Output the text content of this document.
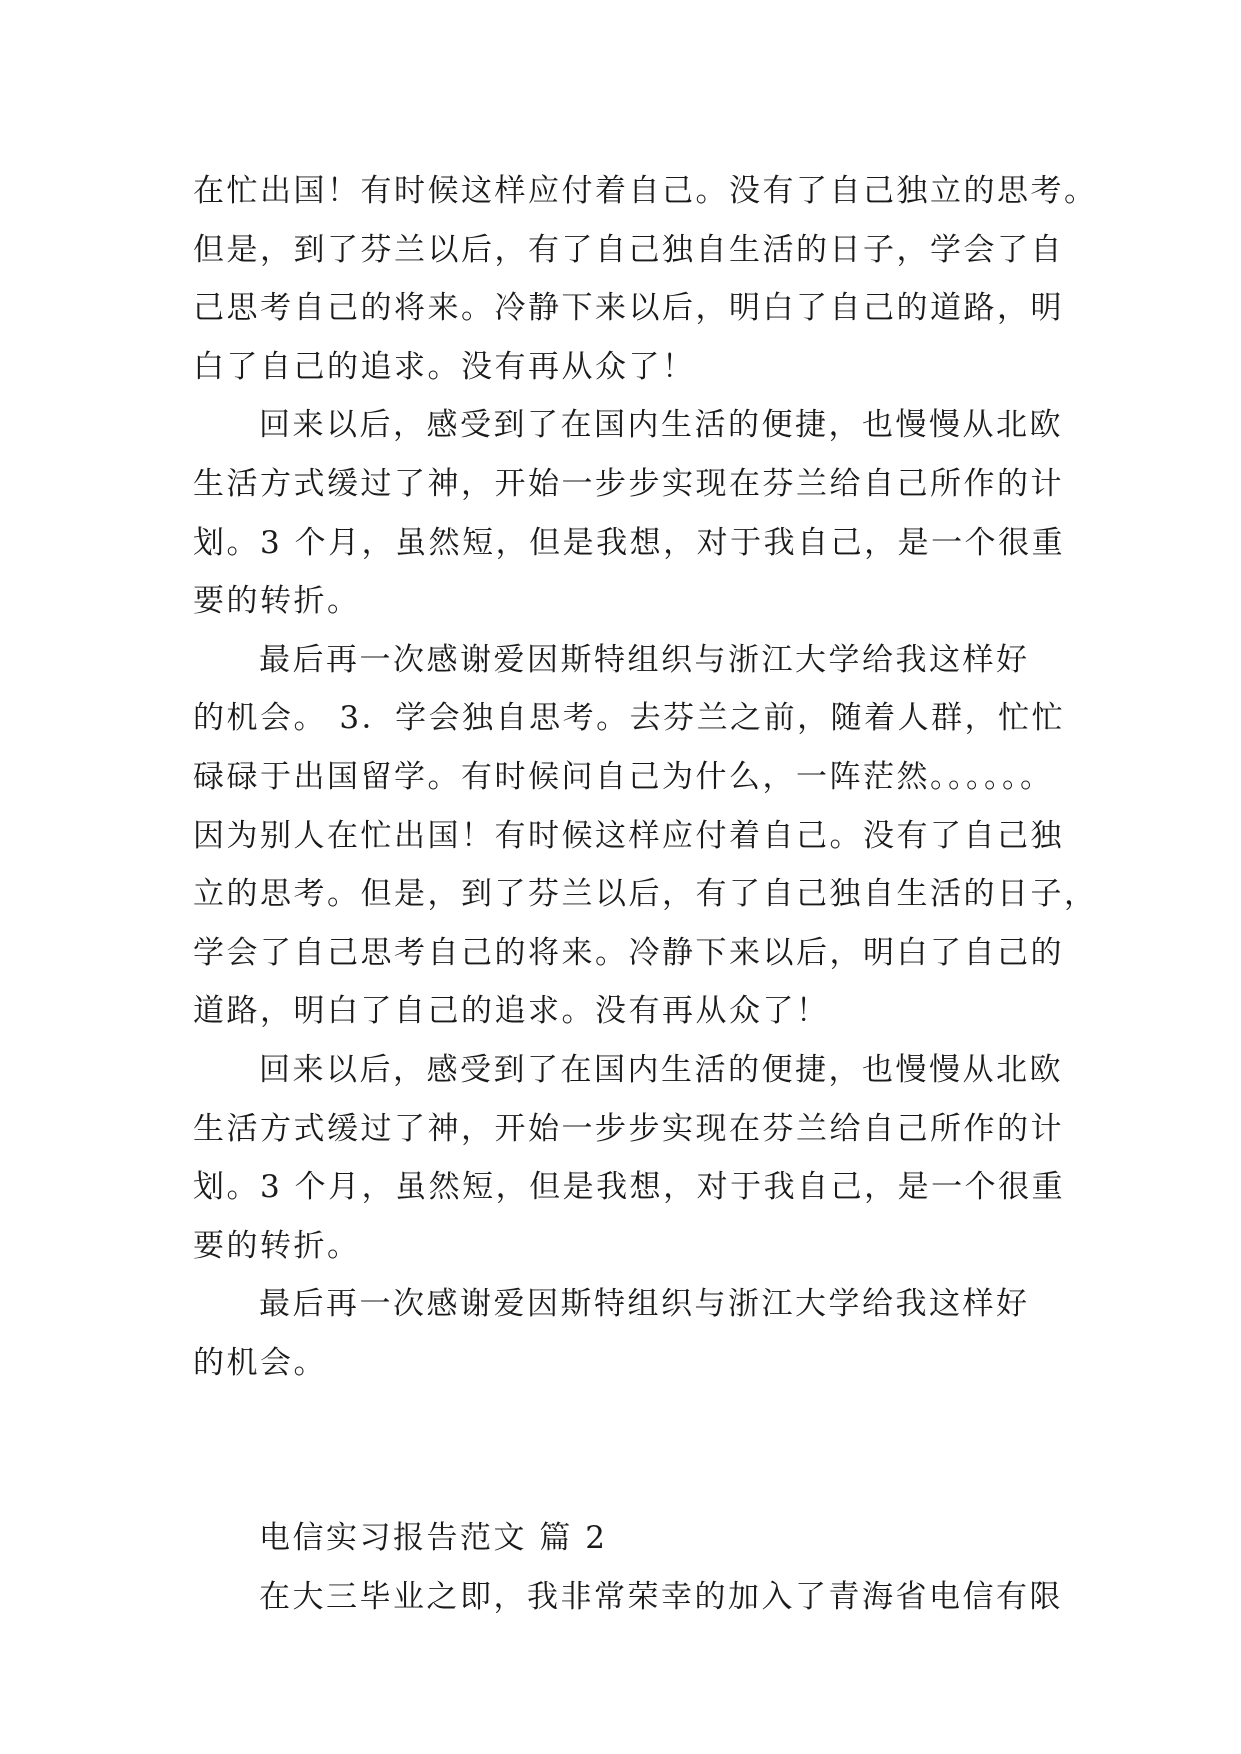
在忙出国！有时候这样应付着自己。没有了自己独立的思考。
但是，到了芬兰以后，有了自己独自生活的日子，学会了自
己思考自己的将来。冷静下来以后，明白了自己的道路，明
白了自己的追求。没有再从众了！
回来以后，感受到了在国内生活的便捷，也慢慢从北欧
生活方式缓过了神，开始一步步实现在芬兰给自己所作的计
划。3 个月，虽然短，但是我想，对于我自己，是一个很重
要的转折。
最后再一次感谢爱因斯特组织与浙江大学给我这样好
的机会。 3．学会独自思考。去芬兰之前，随着人群，忙忙
碌碌于出国留学。有时候问自己为什么，一阵茫然。。。。。。
因为别人在忙出国！有时候这样应付着自己。没有了自己独
立的思考。但是，到了芬兰以后，有了自己独自生活的日子，
学会了自己思考自己的将来。冷静下来以后，明白了自己的
道路，明白了自己的追求。没有再从众了！
回来以后，感受到了在国内生活的便捷，也慢慢从北欧
生活方式缓过了神，开始一步步实现在芬兰给自己所作的计
划。3 个月，虽然短，但是我想，对于我自己，是一个很重
要的转折。
最后再一次感谢爱因斯特组织与浙江大学给我这样好
的机会。
电信实习报告范文 篇 2
在大三毕业之即，我非常荣幸的加入了青海省电信有限
